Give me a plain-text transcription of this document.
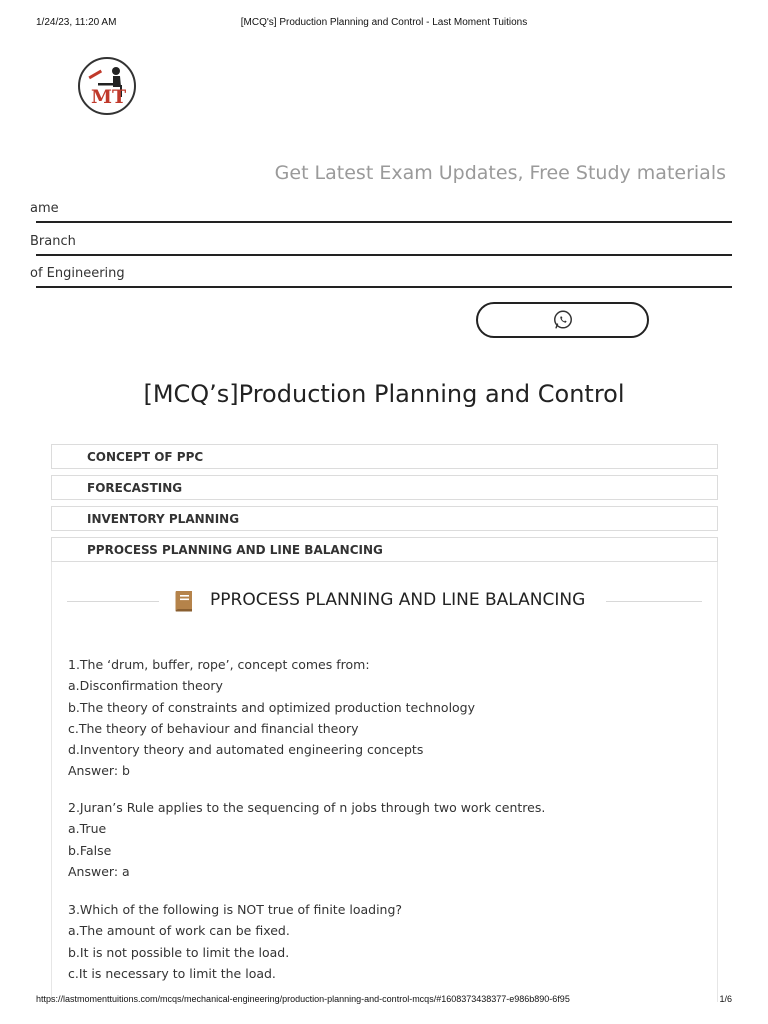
1/24/23, 11:20 AM	[MCQ's] Production Planning and Control - Last Moment Tuitions
MT
Get Latest Exam Updates, Free Study materials
ame
Branch
of Engineering
[MCQ’s]Production Planning and Control
CONCEPT OF PPC
FORECASTING
INVENTORY PLANNING
PPROCESS PLANNING AND LINE BALANCING
PPROCESS PLANNING AND LINE BALANCING
1.The ‘drum, buffer, rope’, concept comes from:
a.Disconfirmation theory
b.The theory of constraints and optimized production technology
c.The theory of behaviour and financial theory
d.Inventory theory and automated engineering concepts
Answer: b
2.Juran’s Rule applies to the sequencing of n jobs through two work centres.
a.True
b.False
Answer: a
3.Which of the following is NOT true of finite loading?
a.The amount of work can be fixed.
b.It is not possible to limit the load.
c.It is necessary to limit the load.
https://lastmomenttuitions.com/mcqs/mechanical-engineering/production-planning-and-control-mcqs/#1608373438377-e986b890-6f95	1/6
